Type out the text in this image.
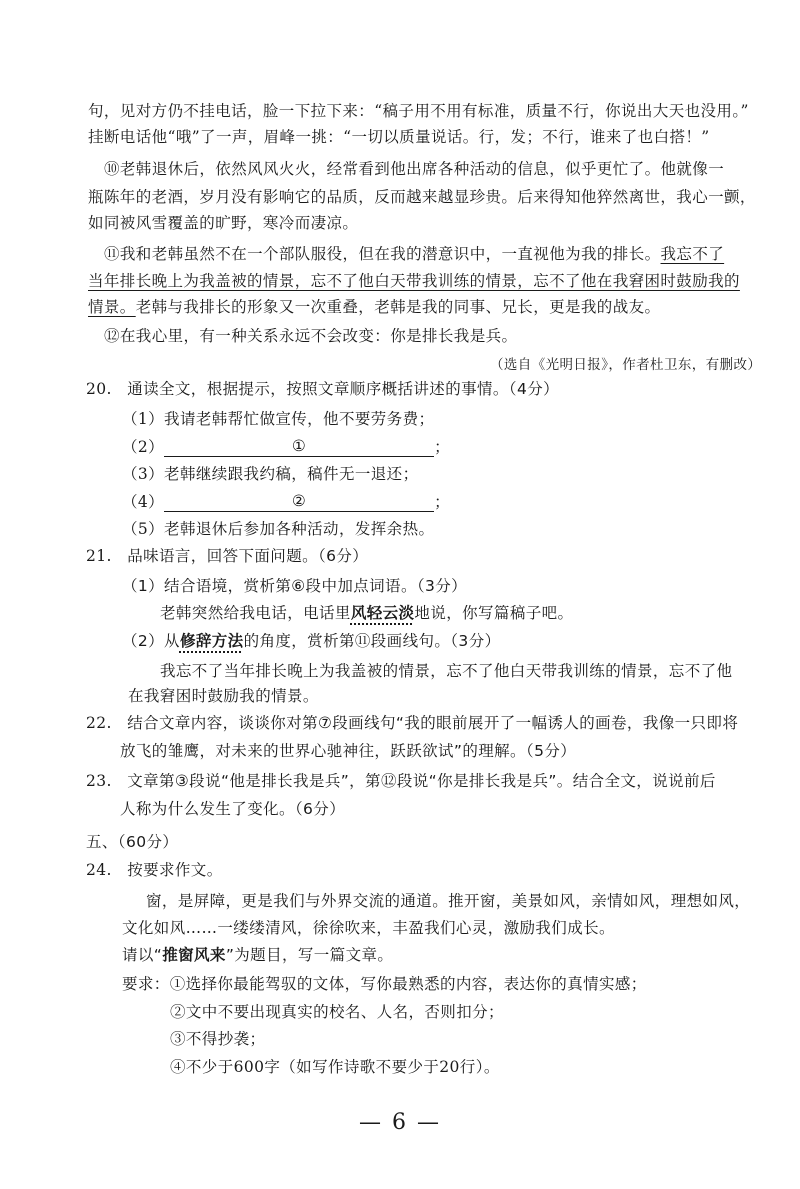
句，见对方仍不挂电话，脸一下拉下来：“稿子用不用有标准，质量不行，你说出大天也没用。”
挂断电话他“哦”了一声，眉峰一挑：“一切以质量说话。行，发；不行，谁来了也白搭！”
⑩老韩退休后，依然风风火火，经常看到他出席各种活动的信息，似乎更忙了。他就像一
瓶陈年的老酒，岁月没有影响它的品质，反而越来越显珍贵。后来得知他猝然离世，我心一颤，
如同被风雪覆盖的旷野，寒冷而凄凉。
⑪我和老韩虽然不在一个部队服役，但在我的潜意识中，一直视他为我的排长。我忘不了
当年排长晚上为我盖被的情景，忘不了他白天带我训练的情景，忘不了他在我窘困时鼓励我的
情景。老韩与我排长的形象又一次重叠，老韩是我的同事、兄长，更是我的战友。
⑫在我心里，有一种关系永远不会改变：你是排长我是兵。
（选自《光明日报》，作者杜卫东，有删改）
20. 通读全文，根据提示，按照文章顺序概括讲述的事情。（4分）
（1）我请老韩帮忙做宣传，他不要劳务费；
（2）	①	；
（3）老韩继续跟我约稿，稿件无一退还；
（4）	②	；
（5）老韩退休后参加各种活动，发挥余热。
21. 品味语言，回答下面问题。（6分）
（1）结合语境，赏析第⑥段中加点词语。（3分）
老韩突然给我电话，电话里风轻云淡地说，你写篇稿子吧。
（2）从修辞方法的角度，赏析第⑪段画线句。（3分）
我忘不了当年排长晚上为我盖被的情景，忘不了他白天带我训练的情景，忘不了他
在我窘困时鼓励我的情景。
22. 结合文章内容，谈谈你对第⑦段画线句“我的眼前展开了一幅诱人的画卷，我像一只即将
放飞的雏鹰，对未来的世界心驰神往，跃跃欲试”的理解。（5分）
23. 文章第③段说“他是排长我是兵”，第⑫段说“你是排长我是兵”。结合全文，说说前后
人称为什么发生了变化。（6分）
五、（60分）
24. 按要求作文。
窗，是屏障，更是我们与外界交流的通道。推开窗，美景如风，亲情如风，理想如风，
文化如风……一缕缕清风，徐徐吹来，丰盈我们心灵，激励我们成长。
请以“推窗风来”为题目，写一篇文章。
要求：①选择你最能驾驭的文体，写你最熟悉的内容，表达你的真情实感；
②文中不要出现真实的校名、人名，否则扣分；
③不得抄袭；
④不少于600字（如写作诗歌不要少于20行）。
— 6 —
